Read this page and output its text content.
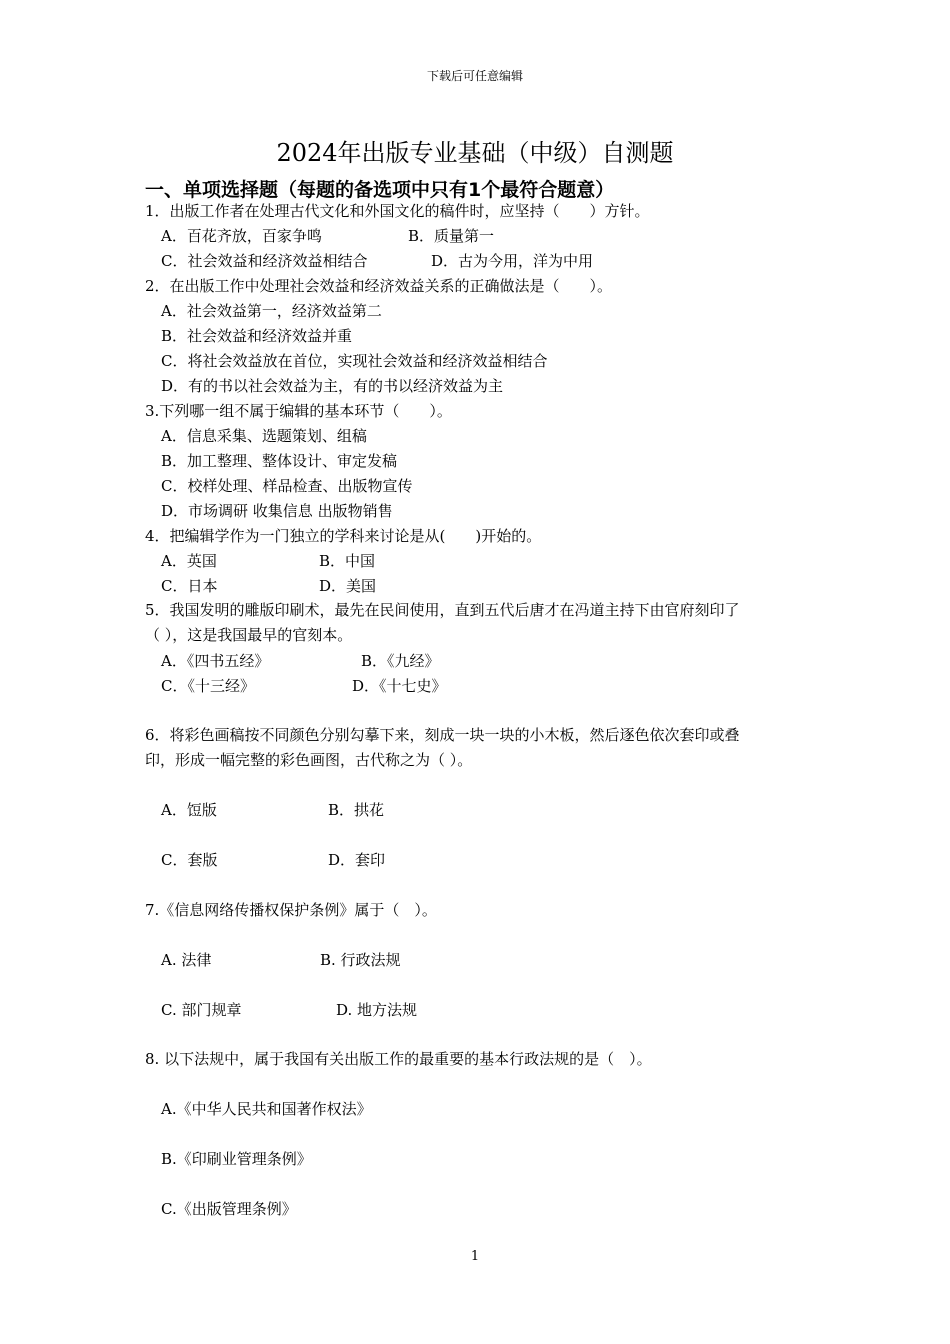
下载后可任意编辑
2024年出版专业基础（中级）自测题
一、单项选择题（每题的备选项中只有1个最符合题意）
1．出版工作者在处理古代文化和外国文化的稿件时，应坚持（　　）方针。
A．百花齐放，百家争鸣	B．质量第一
C．社会效益和经济效益相结合	D．古为今用，洋为中用
2．在出版工作中处理社会效益和经济效益关系的正确做法是（　　）。
A．社会效益第一，经济效益第二
B．社会效益和经济效益并重
C．将社会效益放在首位，实现社会效益和经济效益相结合
D．有的书以社会效益为主，有的书以经济效益为主
3.下列哪一组不属于编辑的基本环节（　　）。
A．信息采集、选题策划、组稿
B．加工整理、整体设计、审定发稿
C．校样处理、样品检查、出版物宣传
D．市场调研 收集信息 出版物销售
4．把编辑学作为一门独立的学科来讨论是从(　　)开始的。
A．英国	B．中国
C．日本	D．美国
5．我国发明的雕版印刷术，最先在民间使用，直到五代后唐才在冯道主持下由官府刻印了
（ ），这是我国最早的官刻本。
A．《四书五经》	B．《九经》
C．《十三经》	D．《十七史》
6．将彩色画稿按不同颜色分别勾摹下来，刻成一块一块的小木板，然后逐色依次套印或叠
印，形成一幅完整的彩色画图，古代称之为（ ）。
A．饾版	B．拱花
C．套版	D．套印
7.《信息网络传播权保护条例》属于（　）。
A. 法律	B. 行政法规
C. 部门规章	D. 地方法规
8. 以下法规中，属于我国有关出版工作的最重要的基本行政法规的是（　）。
A.《中华人民共和国著作权法》
B.《印刷业管理条例》
C.《出版管理条例》
1
